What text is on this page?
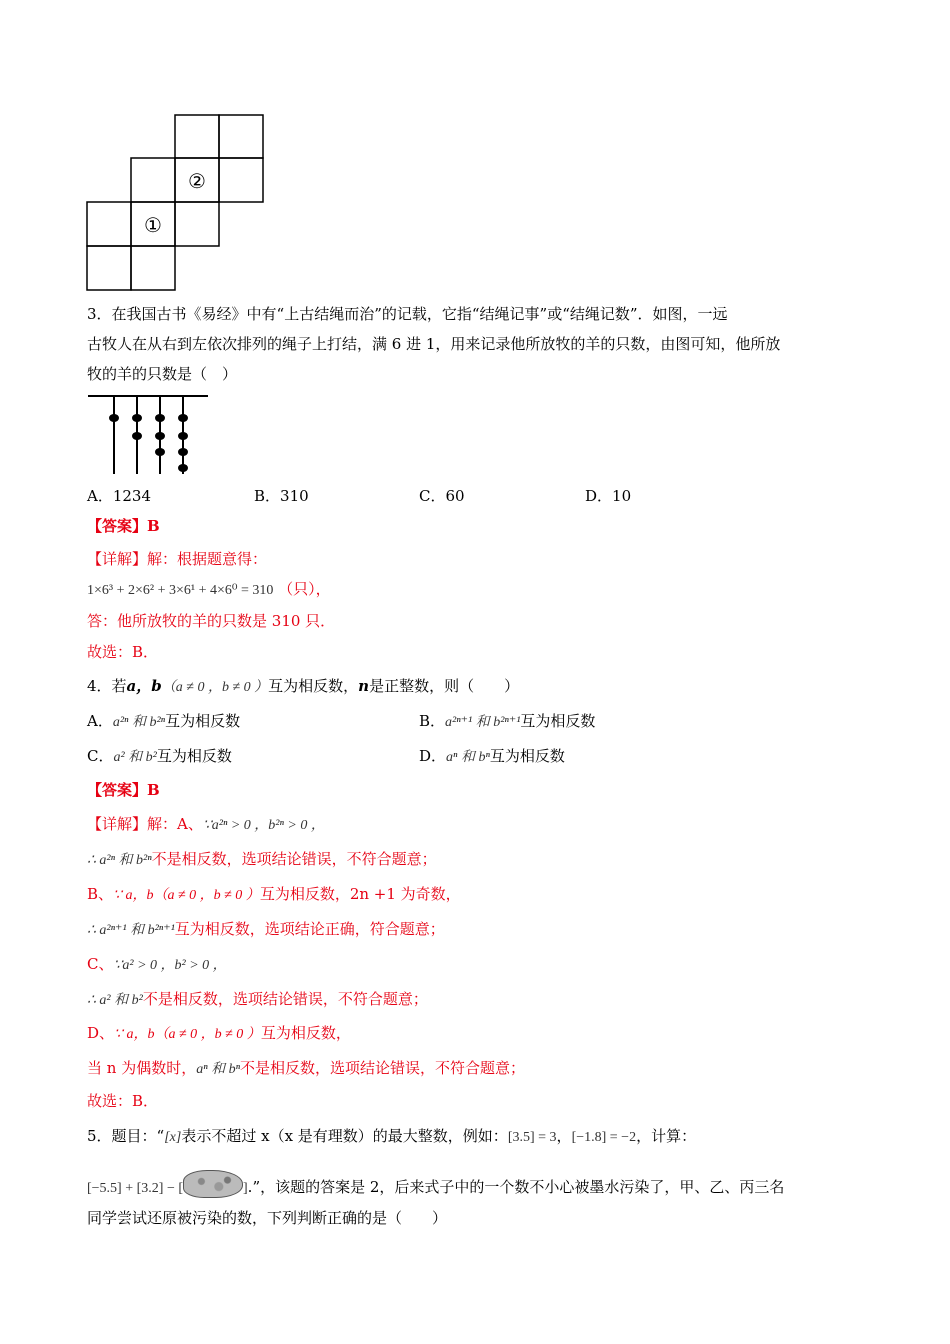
①
②
3．在我国古书《易经》中有“上古结绳而治”的记载，它指“结绳记事”或“结绳记数”．如图，一远
古牧人在从右到左依次排列的绳子上打结，满 6 进 1，用来记录他所放牧的羊的只数，由图可知，他所放
牧的羊的只数是（　）
A．1234	B．310	C．60	D．10
【答案】B
【详解】解：根据题意得：
1×6³ + 2×6² + 3×6¹ + 4×6⁰ = 310 （只），
答：他所放牧的羊的只数是 310 只．
故选：B．
4．若a，b（a ≠ 0 ，b ≠ 0 ）互为相反数，n是正整数，则（　　）
A．a²ⁿ 和 b²ⁿ互为相反数	B．a²ⁿ⁺¹ 和 b²ⁿ⁺¹互为相反数
C．a² 和 b²互为相反数	D．aⁿ 和 bⁿ互为相反数
【答案】B
【详解】解：A、∵a²ⁿ > 0 ，b²ⁿ > 0 ，
∴ a²ⁿ 和 b²ⁿ不是相反数，选项结论错误，不符合题意；
B、∵ a，b（a ≠ 0 ，b ≠ 0 ）互为相反数，2n +1 为奇数，
∴ a²ⁿ⁺¹ 和 b²ⁿ⁺¹互为相反数，选项结论正确，符合题意；
C、∵a² > 0 ，b² > 0 ，
∴ a² 和 b²不是相反数，选项结论错误，不符合题意；
D、∵ a，b（a ≠ 0 ，b ≠ 0 ）互为相反数，
当 n 为偶数时，aⁿ 和 bⁿ不是相反数，选项结论错误，不符合题意；
故选：B．
5．题目：“[x]表示不超过 x（x 是有理数）的最大整数，例如：[3.5] = 3，[−1.8] = −2，计算：
[−5.5] + [3.2] − [	].”，该题的答案是 2，后来式子中的一个数不小心被墨水污染了，甲、乙、丙三名
同学尝试还原被污染的数，下列判断正确的是（　　）
